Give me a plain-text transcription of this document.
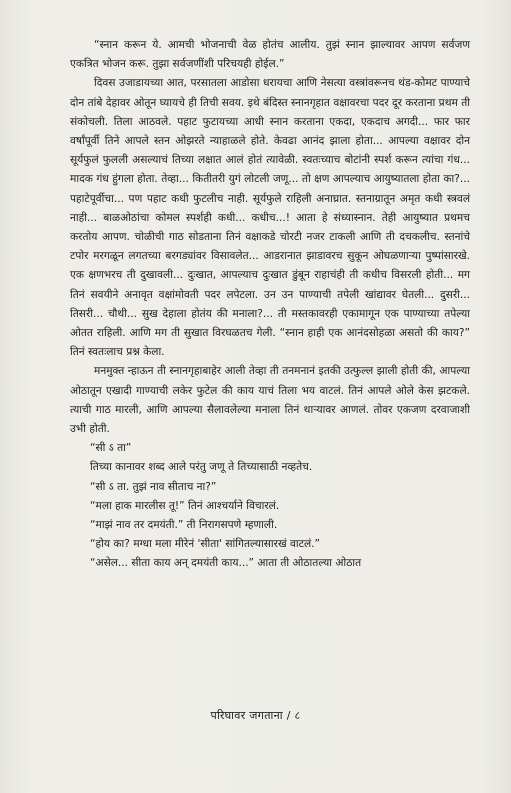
“स्नान करून ये. आमची भोजनाची वेळ होतंच आलीय. तुझं स्नान झाल्यावर आपण सर्वजण एकत्रित भोजन करू. तुझा सर्वजणींशी परिचयही होईल.”

दिवस उजाडायच्या आत, परसातला आडोसा धरायचा आणि नेसत्या वस्त्रांवरूनच थंड-कोमट पाण्याचे दोन तांबे देहावर ओतून घ्यायचे ही तिची सवय. इथे बंदिस्त स्नानगृहात वक्षावरचा पदर दूर करताना प्रथम ती संकोचली. तिला आठवले. पहाट फुटायच्या आधी स्नान करताना एकदा, एकदाच अगदी... फार फार वर्षांपूर्वी तिने आपले स्तन ओझरते न्याहाळले होते. केवढा आनंद झाला होता... आपल्या वक्षावर दोन सूर्यफुलं फुलली असल्याचं तिच्या लक्षात आलं होतं त्यावेळी. स्वतःच्याच बोटांनी स्पर्श करून त्यांचा गंध... मादक गंध हुंगला होता. तेव्हा... कितीतरी युगं लोटली जणू... तो क्षण आपल्याच आयुष्यातला होता का?... पहाटेपूर्वीचा... पण पहाट कधी फुटलीच नाही. सूर्यफुले राहिली अनाघ्रात. स्तनाग्रातून अमृत कधी स्त्रवलं नाही... बाळओठांचा कोमल स्पर्शही कधी... कधीच...! आता हे संध्यास्नान. तेही आयुष्यात प्रथमच करतोय आपण. चोळीची गाठ सोडताना तिनं वक्षाकडे चोरटी नजर टाकली आणि ती दचकलीच. स्तनांचे टपोर मरगळून लगतच्या बरगड्यांवर विसावलेत... आडरानात झाडावरच सुकून ओघळणाऱ्या पुष्पांसारखे. एक क्षणभरच ती दुखावली... दुःखात, आपल्याच दुःखात डुंबून राहाचंही ती कधीच विसरली होती... मग तिनं सवयीने अनावृत वक्षांमोवती पदर लपेटला. उन उन पाण्याची तपेली खांद्यावर घेतली... दुसरी... तिसरी... चौथी... सुख देहाला होतंय की मनाला?... ती मस्तकावरही एकामागून एक पाण्याच्या तपेल्या ओतत राहिली. आणि मग ती सुखात विरघळतच गेली. “स्नान हाही एक आनंदसोहळा असतो की काय?” तिनं स्वतःलाच प्रश्न केला.

मनमुक्त न्हाऊन ती स्नानगृहाबाहेर आली तेव्हा ती तनमनानं इतकी उत्फुल्ल झाली होती की, आपल्या ओठातून एखादी गाण्याची लकेर फुटेल की काय याचं तिला भय वाटलं. तिनं आपले ओले केस झटकले. त्याची गाठ मारली, आणि आपल्या सैलावलेल्या मनाला तिनं थाऱ्यावर आणलं. तोवर एकजण दरवाजाशी उभी होती.

“सी ऽ ता”

तिच्या कानावर शब्द आले परंतु जणू ते तिच्यासाठी नव्हतेच.

“सी ऽ ता. तुझं नाव सीताच ना?”

“मला हाक मारलीस तू!” तिनं आश्चर्याने विचारलं.

“माझं नाव तर दमयंती.” ती निरागसपणे म्हणाली.

“होय का? मग्धा मला मीरेनं 'सीता' सांगितल्यासारखं वाटलं.”

“असेल... सीता काय अन् दमयंती काय...” आता ती ओठातल्या ओठात

परिघावर जगताना / ८
